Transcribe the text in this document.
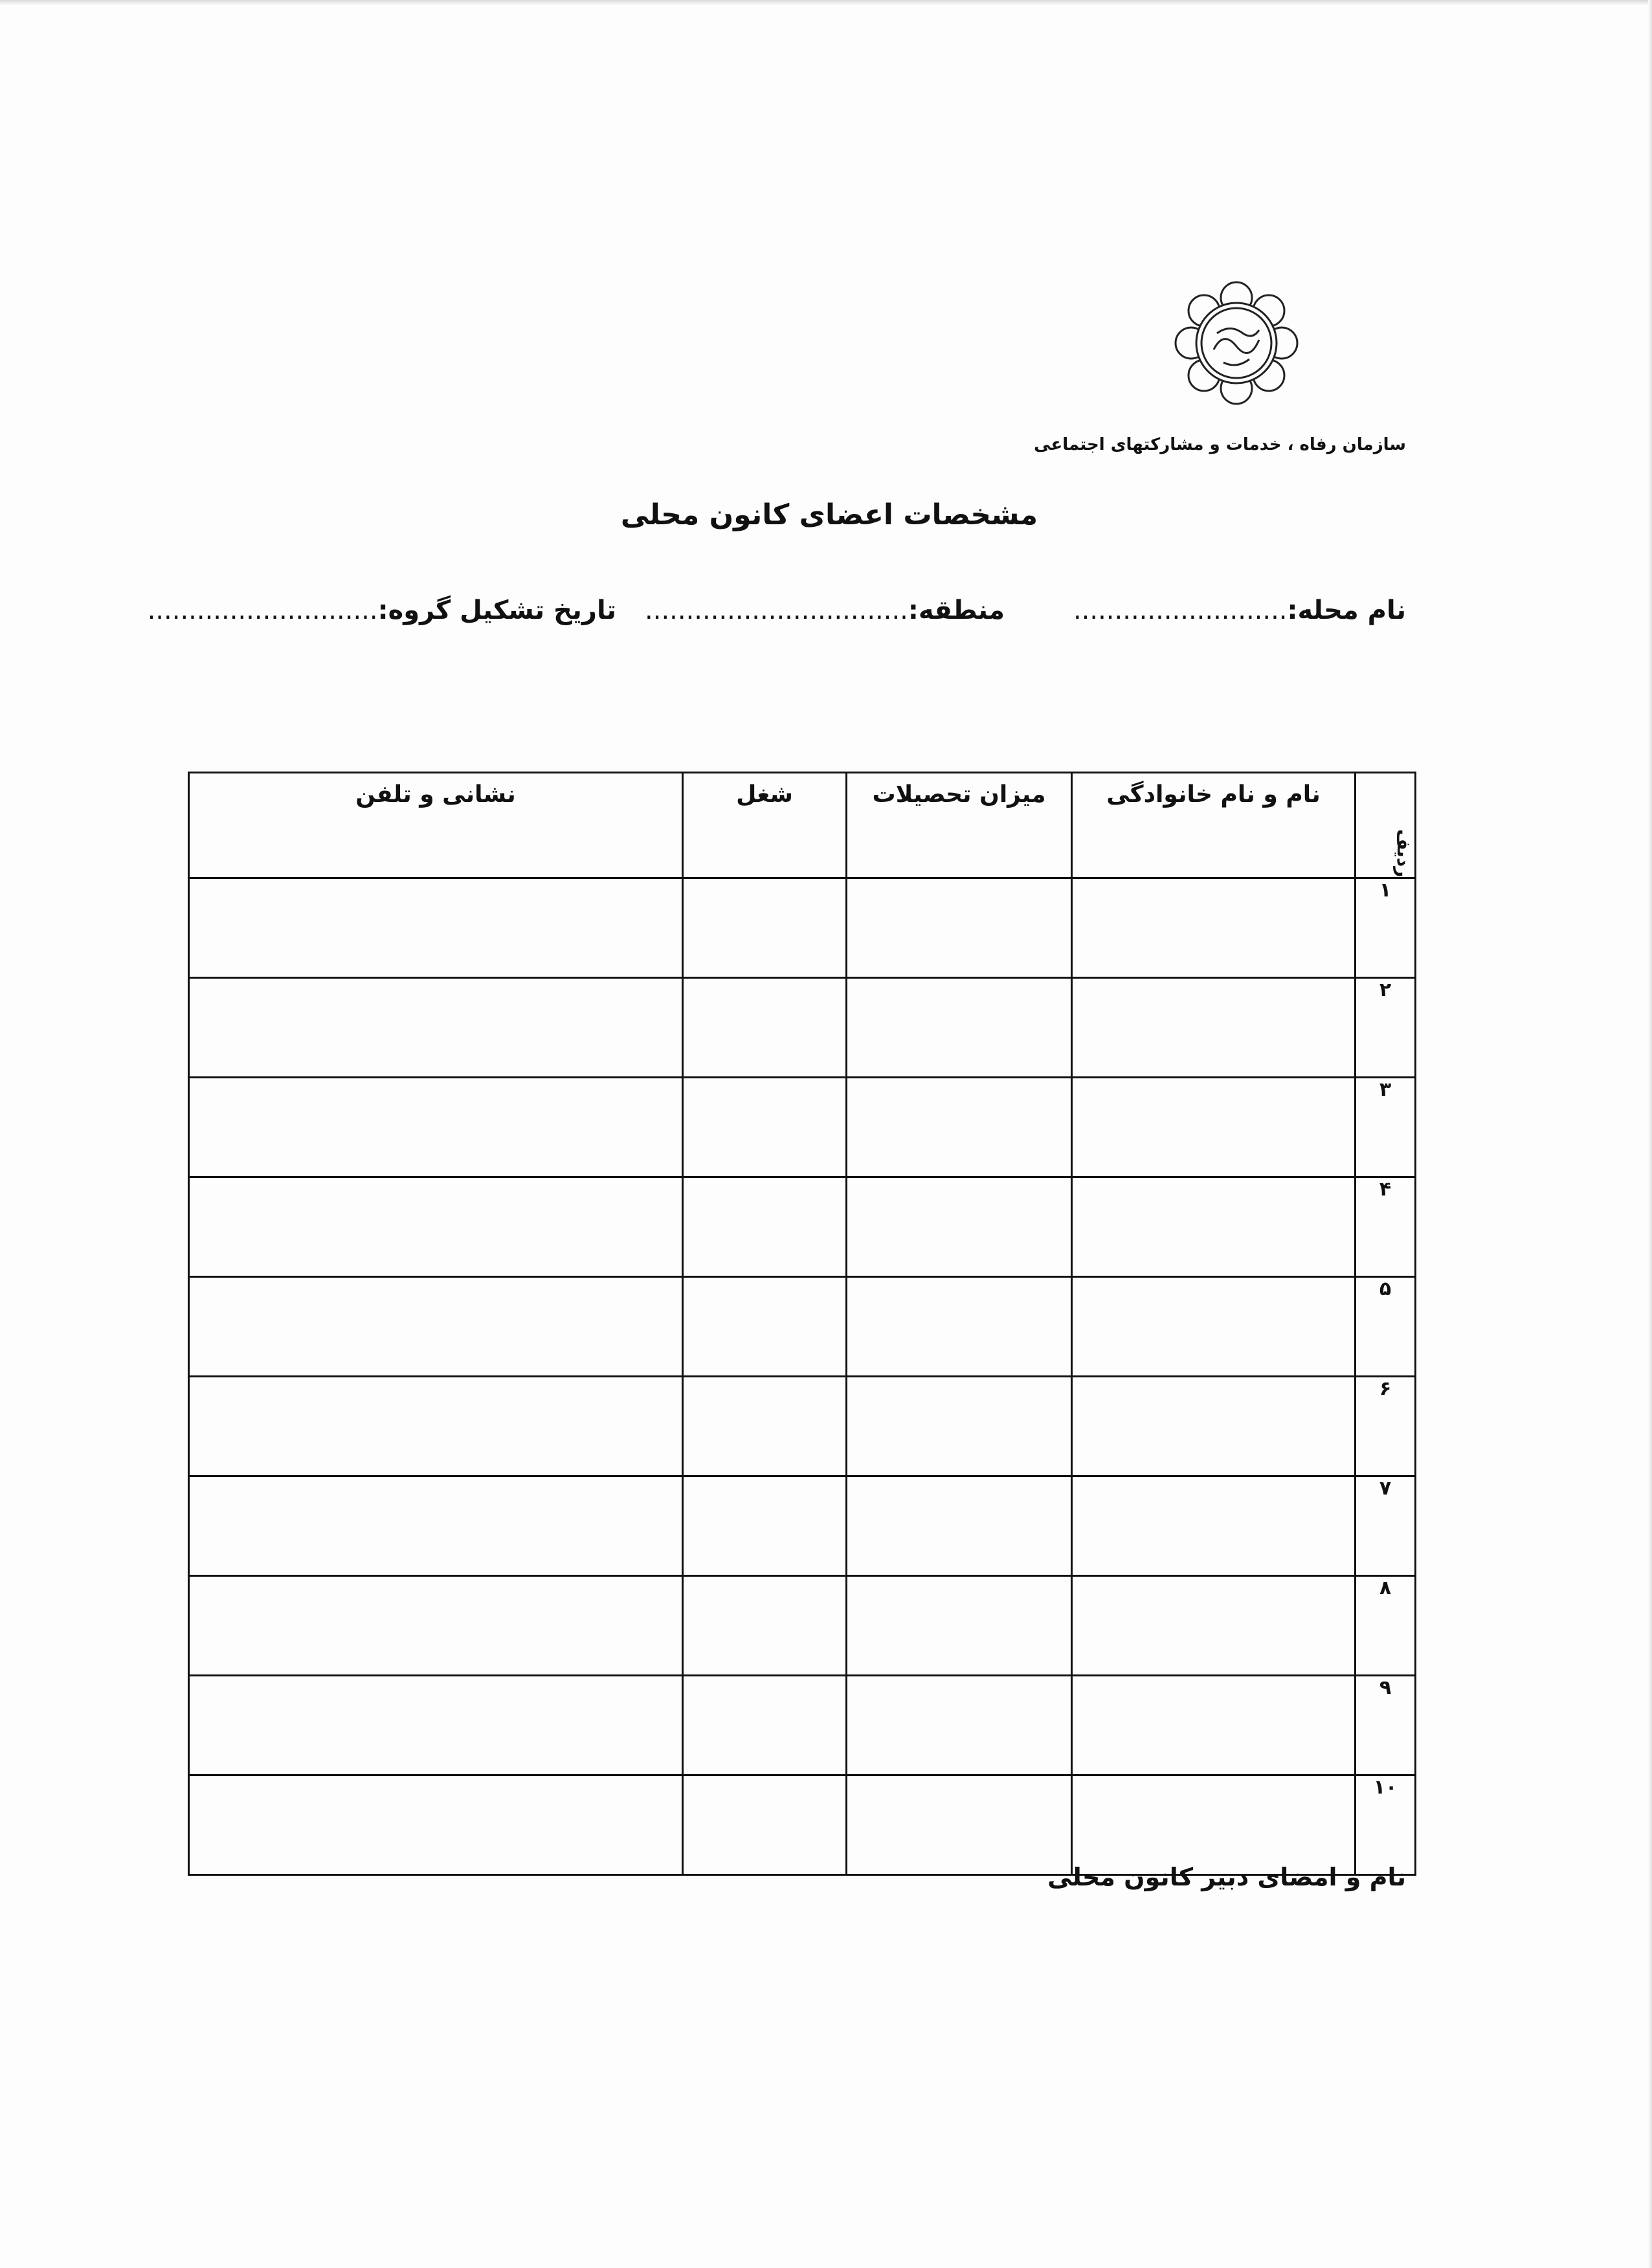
سازمان رفاه ، خدمات و مشارکتهای اجتماعی
مشخصات اعضای کانون محلی
نام محله:..........................
منطقه:................................
تاریخ تشکیل گروه:............................
ردیف	نام و نام خانوادگی	میزان تحصیلات	شغل	نشانی و تلفن
۱				
۲				
۳				
۴				
۵				
۶				
۷				
۸				
۹				
۱۰				
نام و امضای دبیر کانون محلی
